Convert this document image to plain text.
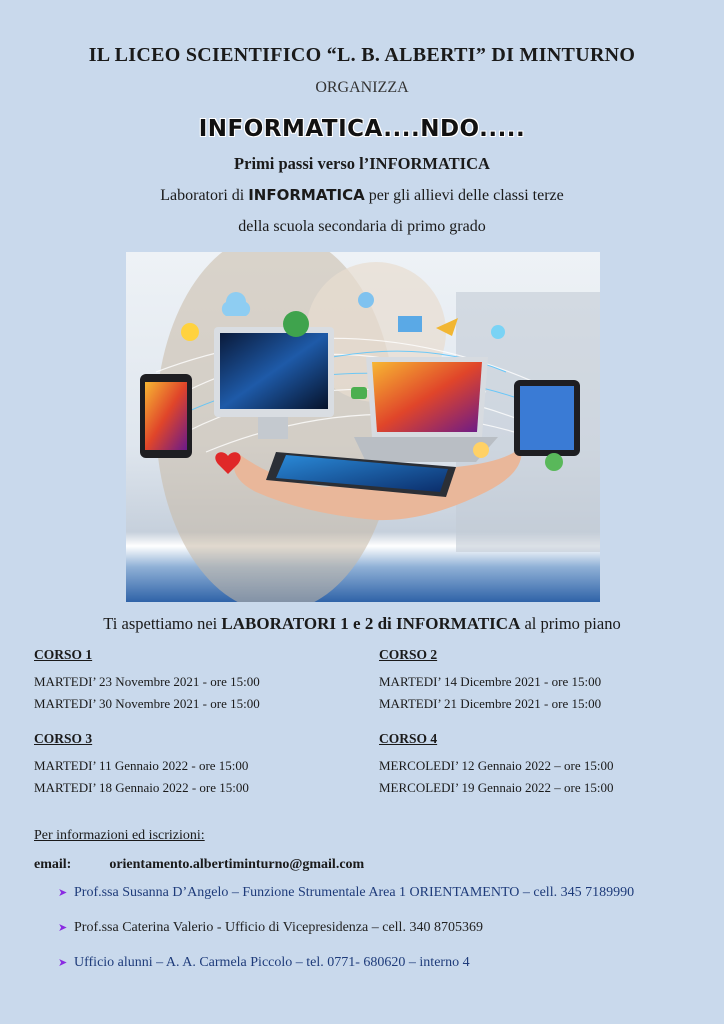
IL LICEO SCIENTIFICO “L. B. ALBERTI” DI MINTURNO
ORGANIZZA
INFORMATICA....NDO.....
Primi passi verso l’INFORMATICA
Laboratori di INFORMATICA per gli allievi delle classi terze
della scuola secondaria di primo grado
Ti aspettiamo nei LABORATORI 1 e 2 di INFORMATICA al primo piano
CORSO 1
MARTEDI’ 23 Novembre 2021 - ore 15:00
MARTEDI’ 30 Novembre 2021 - ore 15:00
CORSO 2
MARTEDI’ 14 Dicembre 2021 - ore 15:00
MARTEDI’ 21 Dicembre 2021 - ore 15:00
CORSO 3
MARTEDI’ 11 Gennaio 2022 - ore 15:00
MARTEDI’ 18 Gennaio 2022 - ore 15:00
CORSO 4
MERCOLEDI’ 12 Gennaio 2022 – ore 15:00
MERCOLEDI’ 19 Gennaio 2022 – ore 15:00
Per informazioni ed iscrizioni:
email:	orientamento.albertiminturno@gmail.com
➤ Prof.ssa Susanna D’Angelo – Funzione Strumentale Area 1 ORIENTAMENTO – cell. 345 7189990
➤ Prof.ssa Caterina Valerio - Ufficio di Vicepresidenza – cell. 340 8705369
➤ Ufficio alunni – A. A. Carmela Piccolo – tel. 0771- 680620 – interno 4
